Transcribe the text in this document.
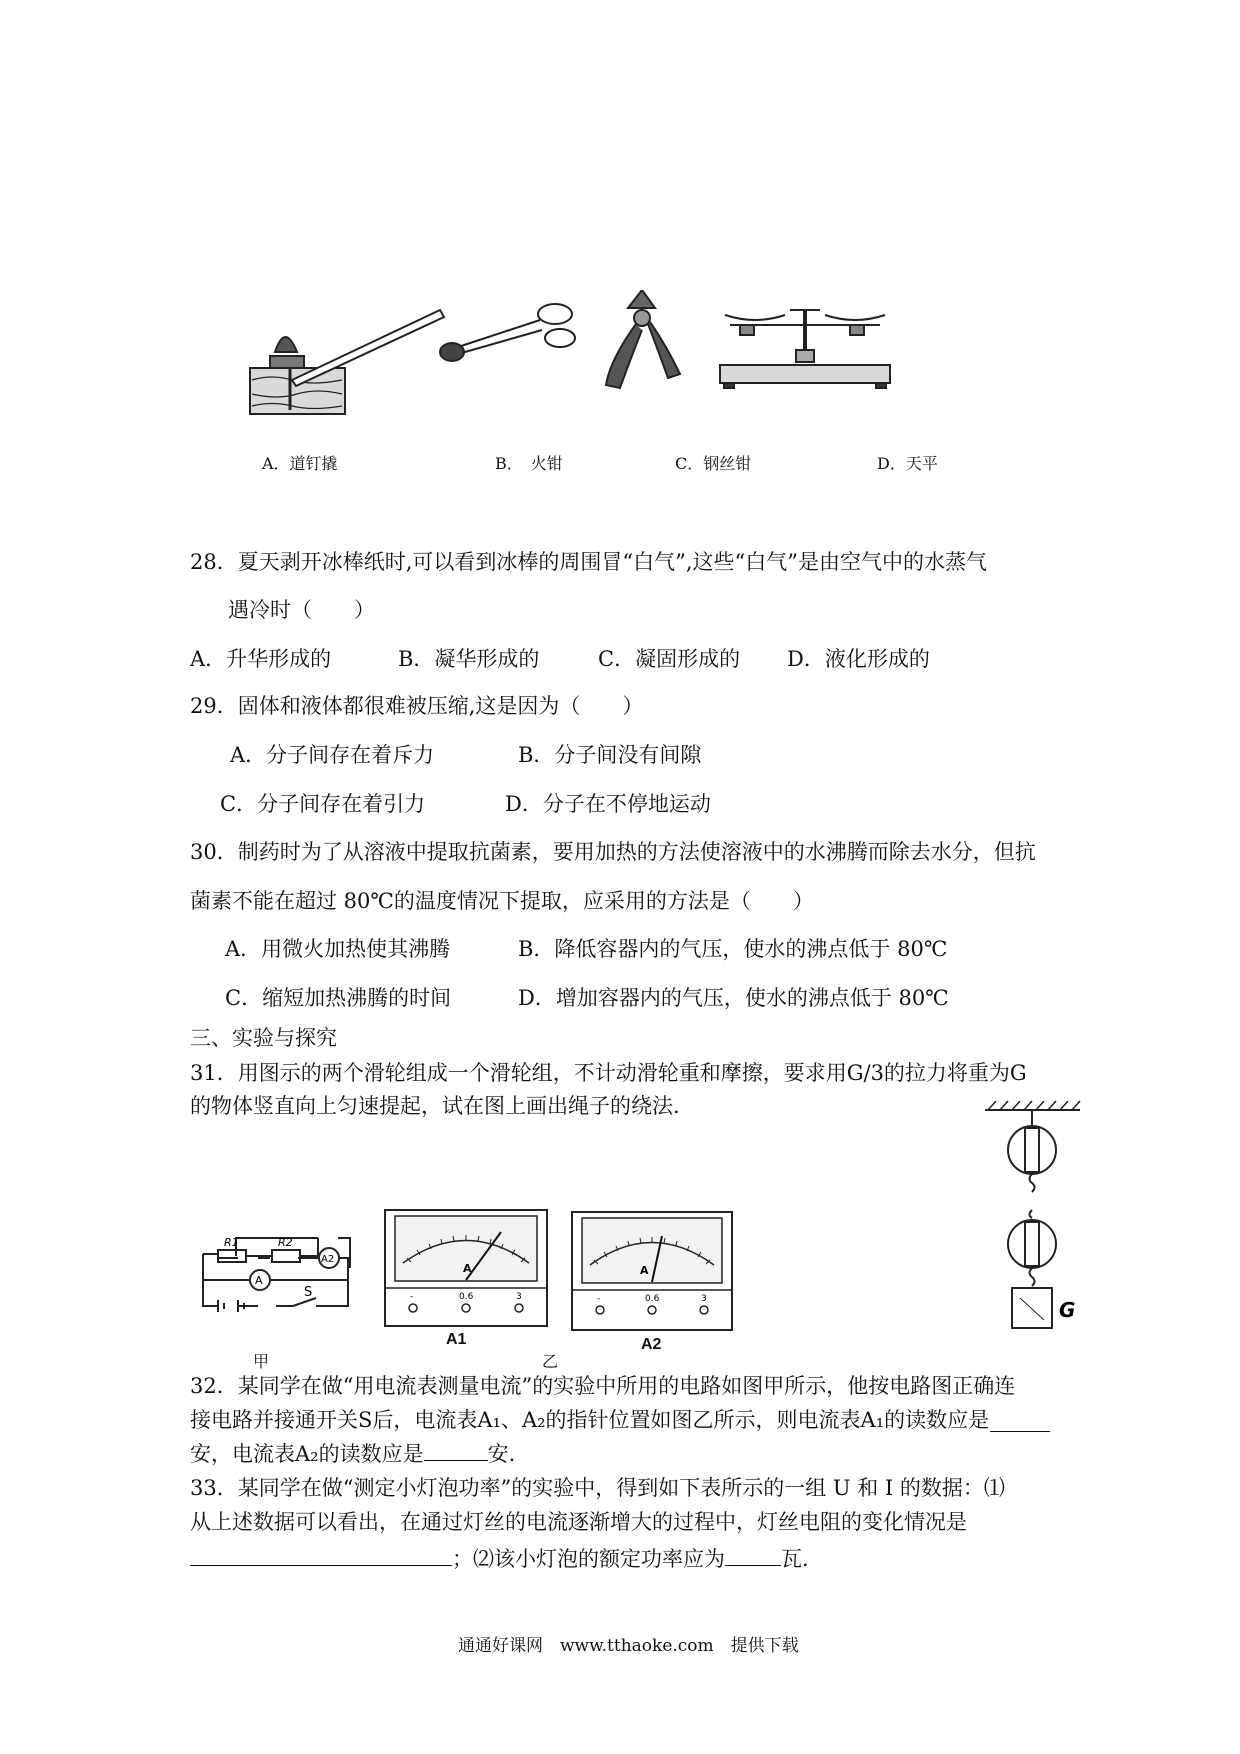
A．道钉撬	B．　火钳	C．钢丝钳	D．天平
28．夏天剥开冰棒纸时,可以看到冰棒的周围冒“白气”,这些“白气”是由空气中的水蒸气
遇冷时（　　）
A．升华形成的	B．凝华形成的	C．凝固形成的 D．液化形成的
29．固体和液体都很难被压缩,这是因为（　　）
A．分子间存在着斥力	B．分子间没有间隙
C．分子间存在着引力	D．分子在不停地运动
30．制药时为了从溶液中提取抗菌素，要用加热的方法使溶液中的水沸腾而除去水分，但抗
菌素不能在超过 80℃的温度情况下提取，应采用的方法是（　　）
A．用微火加热使其沸腾	B．降低容器内的气压，使水的沸点低于 80℃
C．缩短加热沸腾的时间	D．增加容器内的气压，使水的沸点低于 80℃
三、实验与探究
31．用图示的两个滑轮组成一个滑轮组，不计动滑轮重和摩擦，要求用G/3的拉力将重为G
的物体竖直向上匀速提起，试在图上画出绳子的绕法.
R1	R2
A
A2
S
甲
A
-	0.6	3
A1
A
-	0.6	3
A2
乙
G
32．某同学在做“用电流表测量电流”的实验中所用的电路如图甲所示，他按电路图正确连
接电路并接通开关S后，电流表A₁、A₂的指针位置如图乙所示，则电流表A₁的读数应是
安，电流表A₂的读数应是	安.
33．某同学在做“测定小灯泡功率”的实验中，得到如下表所示的一组 U 和 I 的数据：⑴
从上述数据可以看出，在通过灯丝的电流逐渐增大的过程中，灯丝电阻的变化情况是
；⑵该小灯泡的额定功率应为	瓦.
通通好课网　www.tthaoke.com　提供下载
